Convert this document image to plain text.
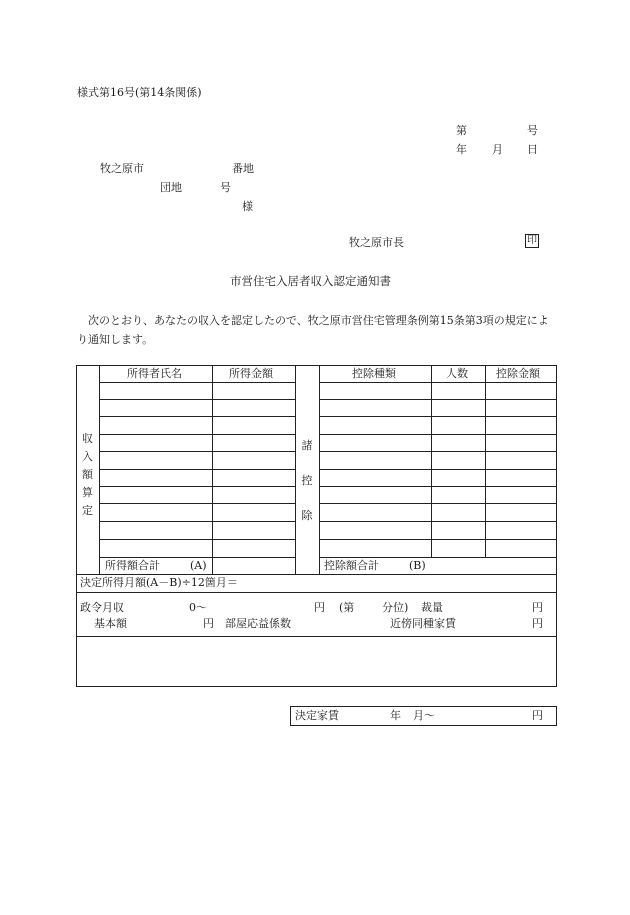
様式第16号(第14条関係)
第	号
年 月 日
牧之原市	番地
団地	号
様
牧之原市長	印
市営住宅入居者収入認定通知書
次のとおり、あなたの収入を認定したので、牧之原市営住宅管理条例第15条第3項の規定により通知します。
収
入
額
算
定
諸
控
除
所得者氏名	所得金額	控除種類	人数	控除金額
所得額合計	(A)	控除額合計	(B)
決定所得月額(A－B)÷12箇月＝
政令月収	0～	円 (第	分位) 裁量	円
基本額	円 部屋応益係数	近傍同種家賃	円
決定家賃	年 月～	円
